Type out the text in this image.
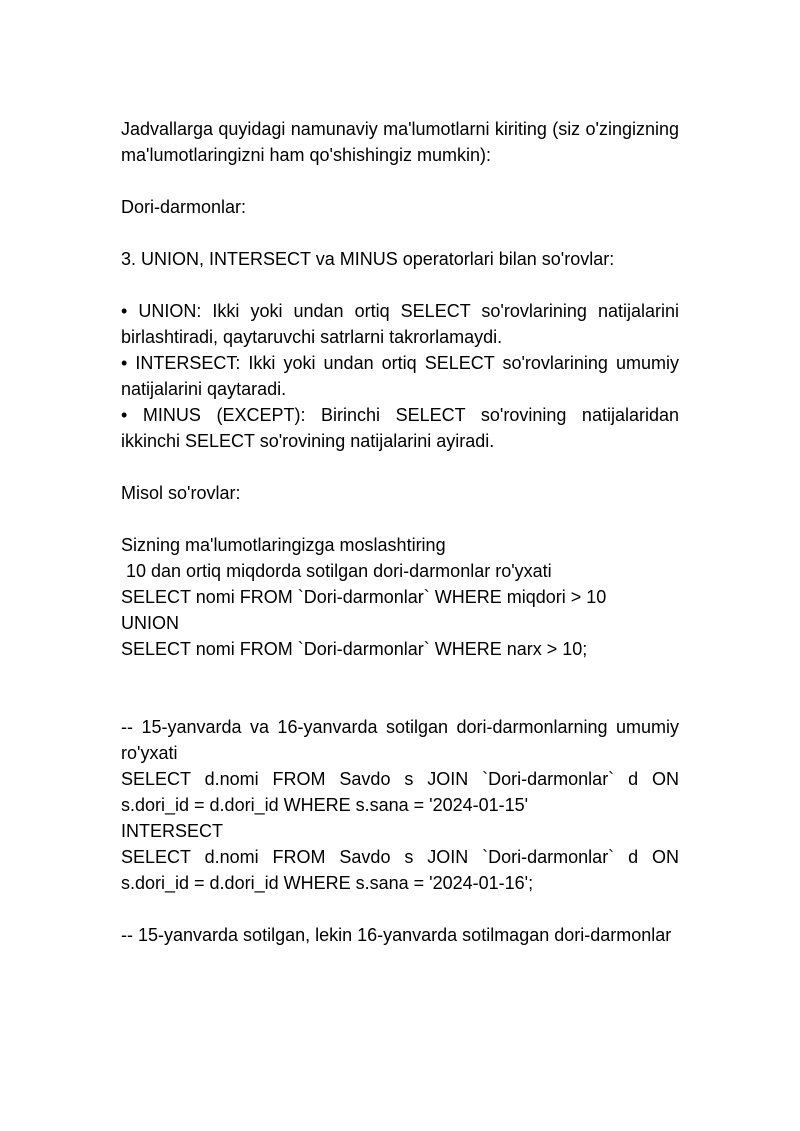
Jadvallarga quyidagi namunaviy ma'lumotlarni kiriting (siz o'zingizning ma'lumotlaringizni ham qo'shishingiz mumkin):

Dori-darmonlar:

3. UNION, INTERSECT va MINUS operatorlari bilan so'rovlar:

• UNION: Ikki yoki undan ortiq SELECT so'rovlarining natijalarini birlashtiradi, qaytaruvchi satrlarni takrorlamaydi.

• INTERSECT: Ikki yoki undan ortiq SELECT so'rovlarining umumiy natijalarini qaytaradi.

• MINUS (EXCEPT): Birinchi SELECT so'rovining natijalaridan ikkinchi SELECT so'rovining natijalarini ayiradi.

Misol so'rovlar:

Sizning ma'lumotlaringizga moslashtiring

10 dan ortiq miqdorda sotilgan dori-darmonlar ro'yxati

SELECT nomi FROM `Dori-darmonlar` WHERE miqdori > 10

UNION

SELECT nomi FROM `Dori-darmonlar` WHERE narx > 10;

-- 15-yanvarda va 16-yanvarda sotilgan dori-darmonlarning umumiy ro'yxati

SELECT d.nomi FROM Savdo s JOIN `Dori-darmonlar` d ON s.dori_id = d.dori_id WHERE s.sana = '2024-01-15'

INTERSECT

SELECT d.nomi FROM Savdo s JOIN `Dori-darmonlar` d ON s.dori_id = d.dori_id WHERE s.sana = '2024-01-16';

-- 15-yanvarda sotilgan, lekin 16-yanvarda sotilmagan dori-darmonlar
